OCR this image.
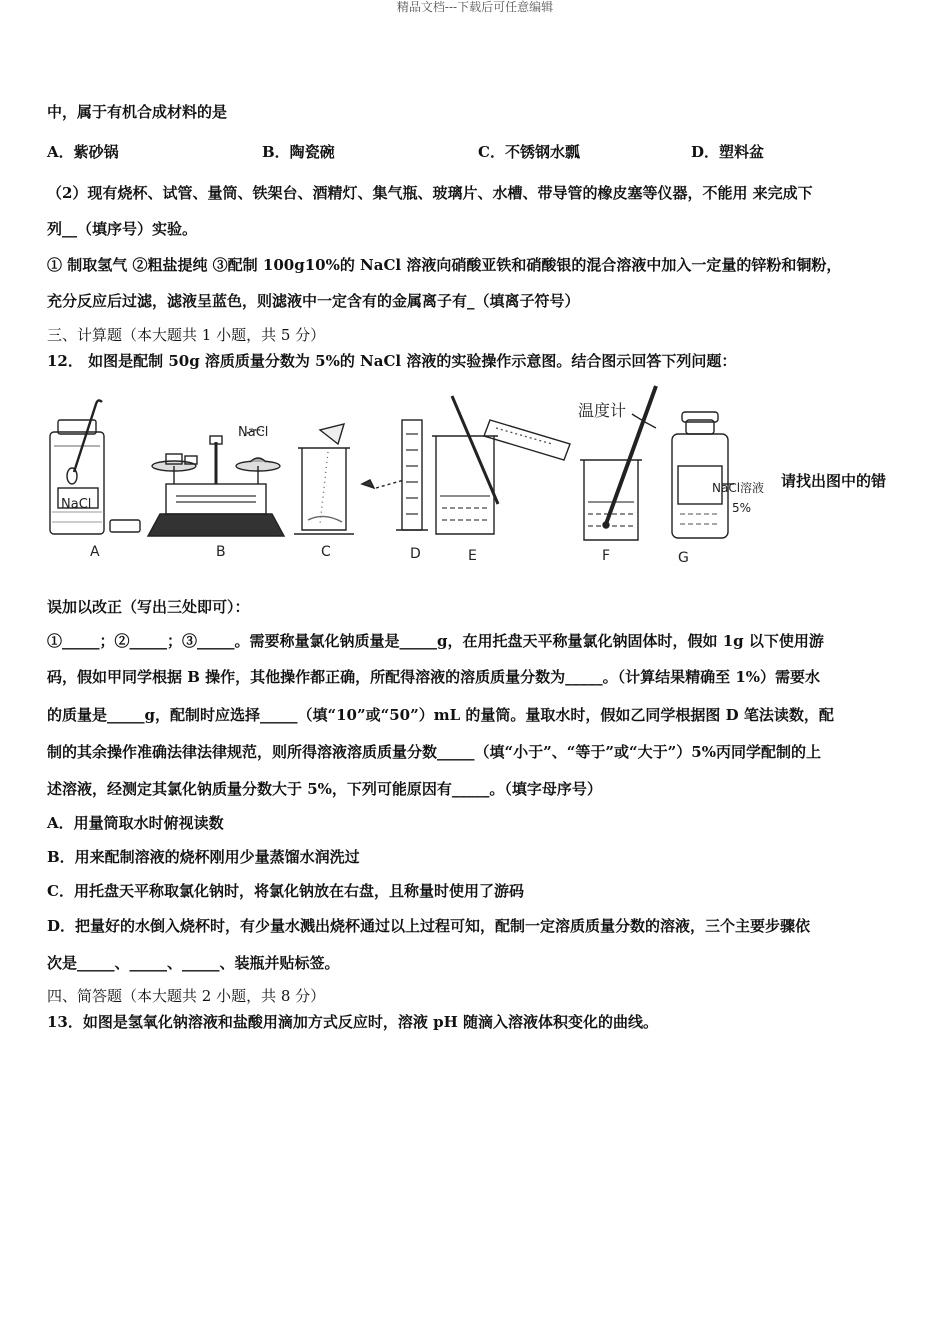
精品文档---下载后可任意编辑
中，属于有机合成材料的是
A．紫砂锅	B．陶瓷碗	C．不锈钢水瓢	D．塑料盆
（2）现有烧杯、试管、量筒、铁架台、酒精灯、集气瓶、玻璃片、水槽、带导管的橡皮塞等仪器，不能用 来完成下
列__（填序号）实验。
① 制取氢气 ②粗盐提纯 ③配制 100g10%的 NaCl 溶液向硝酸亚铁和硝酸银的混合溶液中加入一定量的锌粉和铜粉，
充分反应后过滤，滤液呈蓝色，则滤液中一定含有的金属离子有_（填离子符号）
三、计算题（本大题共 1 小题，共 5 分）
12． 如图是配制 50g 溶质质量分数为 5%的 NaCl 溶液的实验操作示意图。结合图示回答下列问题：
NaCl
NaCl
温度计
NaCl溶液
5%
A	B	C	D	E	F	G
请找出图中的错
误加以改正（写出三处即可）：
①_____；②_____；③_____。需要称量氯化钠质量是_____g，在用托盘天平称量氯化钠固体时，假如 1g 以下使用游
码，假如甲同学根据 B 操作，其他操作都正确，所配得溶液的溶质质量分数为_____。（计算结果精确至 1%）需要水
的质量是_____g，配制时应选择_____（填“10”或“50”）mL 的量筒。量取水时，假如乙同学根据图 D 笔法读数，配
制的其余操作准确法律法律规范，则所得溶液溶质质量分数_____（填“小于”、“等于”或“大于”）5%丙同学配制的上
述溶液，经测定其氯化钠质量分数大于 5%，下列可能原因有_____。（填字母序号）
A．用量筒取水时俯视读数
B．用来配制溶液的烧杯刚用少量蒸馏水润洗过
C．用托盘天平称取氯化钠时，将氯化钠放在右盘，且称量时使用了游码
D．把量好的水倒入烧杯时，有少量水溅出烧杯通过以上过程可知，配制一定溶质质量分数的溶液，三个主要步骤依
次是_____、_____、_____、装瓶并贴标签。
四、简答题（本大题共 2 小题，共 8 分）
13．如图是氢氧化钠溶液和盐酸用滴加方式反应时，溶液 pH 随滴入溶液体积变化的曲线。
